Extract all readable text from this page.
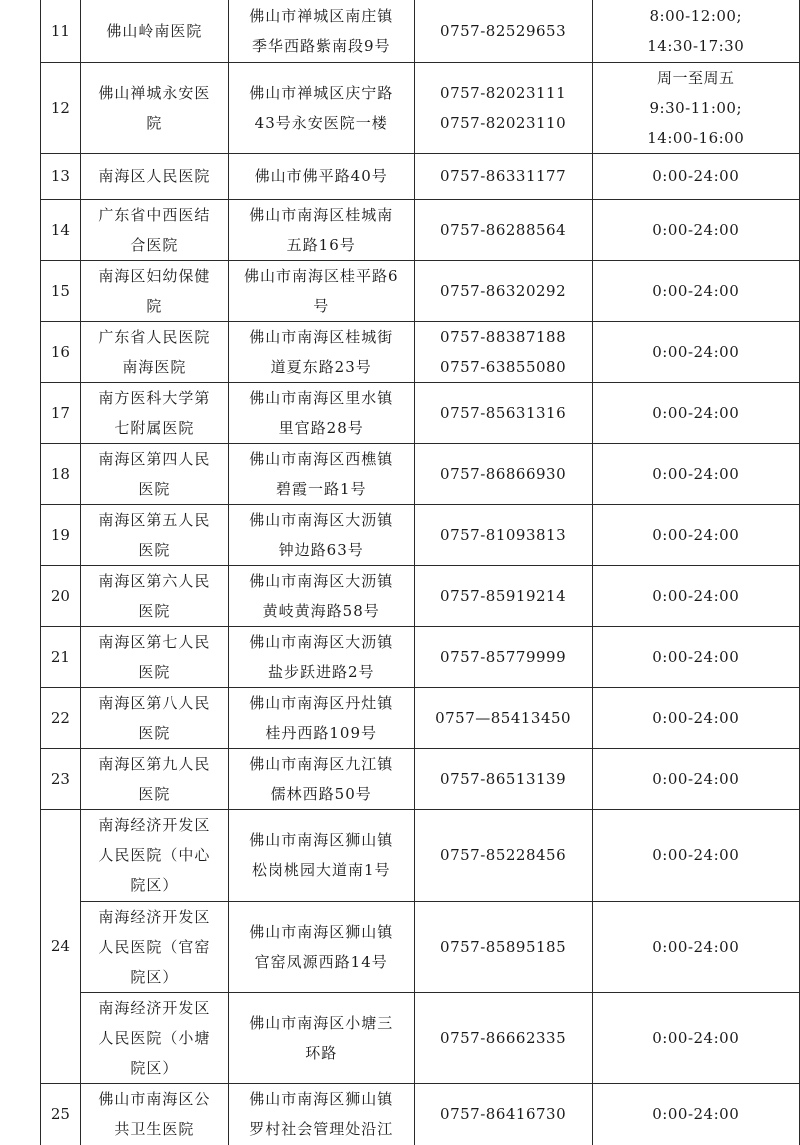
11	佛山岭南医院	佛山市禅城区南庄镇
季华西路紫南段9号	0757-82529653	8:00-12:00;
14:30-17:30

12	佛山禅城永安医
院	佛山市禅城区庆宁路
43号永安医院一楼	0757-82023111
0757-82023110	周一至周五
9:30-11:00;
14:00-16:00

13	南海区人民医院	佛山市佛平路40号	0757-86331177	0:00-24:00

14	广东省中西医结
合医院	佛山市南海区桂城南
五路16号	0757-86288564	0:00-24:00

15	南海区妇幼保健
院	佛山市南海区桂平路6
号	0757-86320292	0:00-24:00

16	广东省人民医院
南海医院	佛山市南海区桂城街
道夏东路23号	0757-88387188
0757-63855080	0:00-24:00

17	南方医科大学第
七附属医院	佛山市南海区里水镇
里官路28号	0757-85631316	0:00-24:00

18	南海区第四人民
医院	佛山市南海区西樵镇
碧霞一路1号	0757-86866930	0:00-24:00

19	南海区第五人民
医院	佛山市南海区大沥镇
钟边路63号	0757-81093813	0:00-24:00

20	南海区第六人民
医院	佛山市南海区大沥镇
黄岐黄海路58号	0757-85919214	0:00-24:00

21	南海区第七人民
医院	佛山市南海区大沥镇
盐步跃进路2号	0757-85779999	0:00-24:00

22	南海区第八人民
医院	佛山市南海区丹灶镇
桂丹西路109号	0757—85413450	0:00-24:00

23	南海区第九人民
医院	佛山市南海区九江镇
儒林西路50号	0757-86513139	0:00-24:00

24	南海经济开发区
人民医院（中心
院区）	佛山市南海区狮山镇
松岗桃园大道南1号	0757-85228456	0:00-24:00

	南海经济开发区
人民医院（官窑
院区）	佛山市南海区狮山镇
官窑凤源西路14号	0757-85895185	0:00-24:00

	南海经济开发区
人民医院（小塘
院区）	佛山市南海区小塘三
环路	0757-86662335	0:00-24:00

25	佛山市南海区公
共卫生医院	佛山市南海区狮山镇
罗村社会管理处沿江	0757-86416730	0:00-24:00
